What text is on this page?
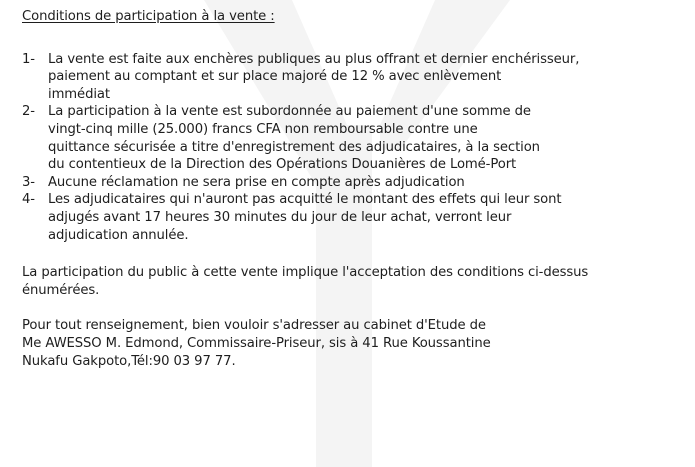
Conditions de participation à la vente :

1- La vente est faite aux enchères publiques au plus offrant et dernier enchérisseur,
paiement au comptant et sur place majoré de 12 % avec enlèvement
immédiat
2- La participation à la vente est subordonnée au paiement d'une somme de
vingt-cinq mille (25.000) francs CFA non remboursable contre une
quittance sécurisée a titre d'enregistrement des adjudicataires, à la section
du contentieux de la Direction des Opérations Douanières de Lomé-Port
3- Aucune réclamation ne sera prise en compte après adjudication
4- Les adjudicataires qui n'auront pas acquitté le montant des effets qui leur sont
adjugés avant 17 heures 30 minutes du jour de leur achat, verront leur
adjudication annulée.

La participation du public à cette vente implique l'acceptation des conditions ci-dessus
énumérées.

Pour tout renseignement, bien vouloir s'adresser au cabinet d'Etude de
Me AWESSO M. Edmond, Commissaire-Priseur, sis à 41 Rue Koussantine
Nukafu Gakpoto,Tél:90 03 97 77.
